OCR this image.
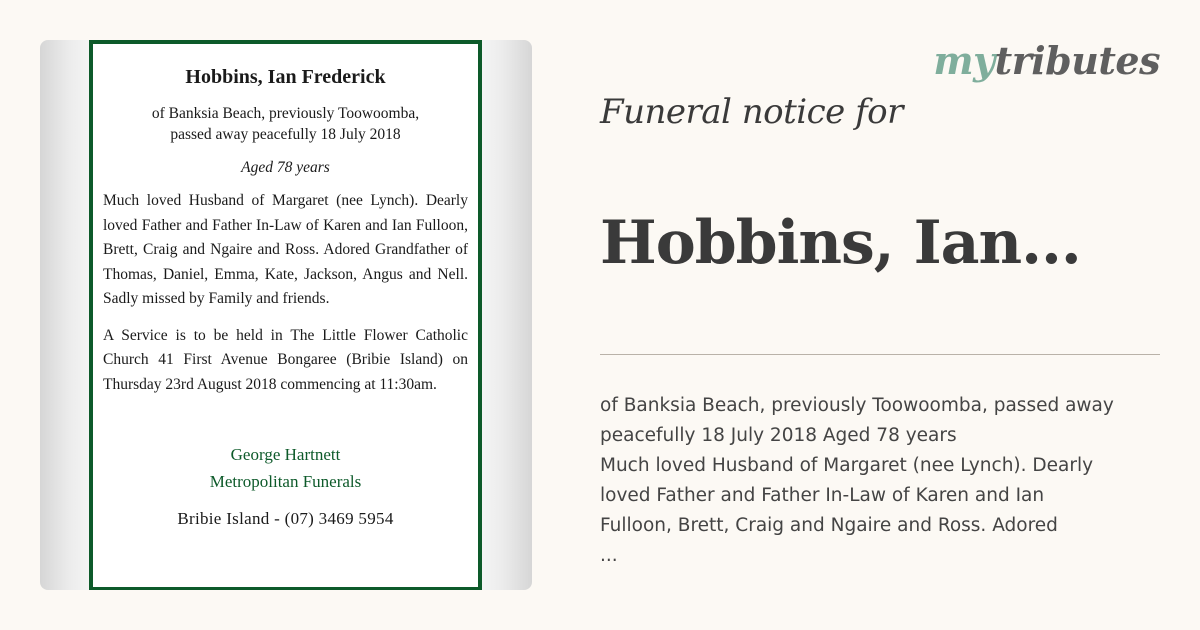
Hobbins, Ian Frederick
of Banksia Beach, previously Toowoomba,
passed away peacefully 18 July 2018
Aged 78 years

Much loved Husband of Margaret (nee Lynch). Dearly loved Father and Father In-Law of Karen and Ian Fulloon, Brett, Craig and Ngaire and Ross. Adored Grandfather of Thomas, Daniel, Emma, Kate, Jackson, Angus and Nell. Sadly missed by Family and friends.

A Service is to be held in The Little Flower Catholic Church 41 First Avenue Bongaree (Bribie Island) on Thursday 23rd August 2018 commencing at 11:30am.

George Hartnett
Metropolitan Funerals
Bribie Island - (07) 3469 5954
mytributes
Funeral notice for
Hobbins, Ian...
of Banksia Beach, previously Toowoomba, passed away
peacefully 18 July 2018 Aged 78 years
Much loved Husband of Margaret (nee Lynch). Dearly
loved Father and Father In-Law of Karen and Ian
Fulloon, Brett, Craig and Ngaire and Ross. Adored
...
